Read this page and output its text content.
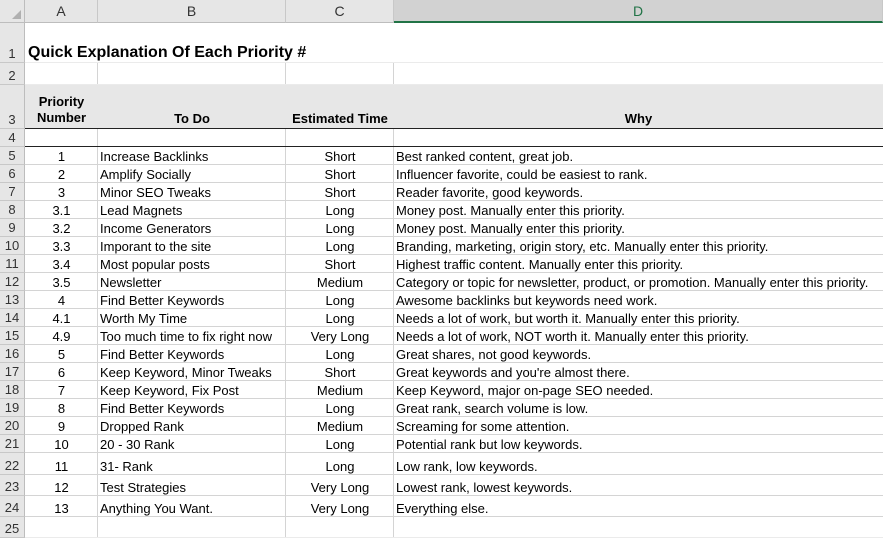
A	B	C	D
1
2
3
4
5
6
7
8
9
10
11
12
13
14
15
16
17
18
19
20
21
22
23
24
25
Quick Explanation Of Each Priority #
Priority
Number	To Do	Estimated Time	Why
1	Increase Backlinks	Short	Best ranked content, great job.
2	Amplify Socially	Short	Influencer favorite, could be easiest to rank.
3	Minor SEO Tweaks	Short	Reader favorite, good keywords.
3.1	Lead Magnets	Long	Money post. Manually enter this priority.
3.2	Income Generators	Long	Money post. Manually enter this priority.
3.3	Imporant to the site	Long	Branding, marketing, origin story, etc. Manually enter this priority.
3.4	Most popular posts	Short	Highest traffic content. Manually enter this priority.
3.5	Newsletter	Medium	Category or topic for newsletter, product, or promotion. Manually enter this priority.
4	Find Better Keywords	Long	Awesome backlinks but keywords need work.
4.1	Worth My Time	Long	Needs a lot of work, but worth it. Manually enter this priority.
4.9	Too much time to fix right now	Very Long	Needs a lot of work, NOT worth it. Manually enter this priority.
5	Find Better Keywords	Long	Great shares, not good keywords.
6	Keep Keyword, Minor Tweaks	Short	Great keywords and you're almost there.
7	Keep Keyword, Fix Post	Medium	Keep Keyword, major on-page SEO needed.
8	Find Better Keywords	Long	Great rank, search volume is low.
9	Dropped Rank	Medium	Screaming for some attention.
10	20 - 30 Rank	Long	Potential rank but low keywords.
11	31- Rank	Long	Low rank, low keywords.
12	Test Strategies	Very Long	Lowest rank, lowest keywords.
13	Anything You Want.	Very Long	Everything else.
